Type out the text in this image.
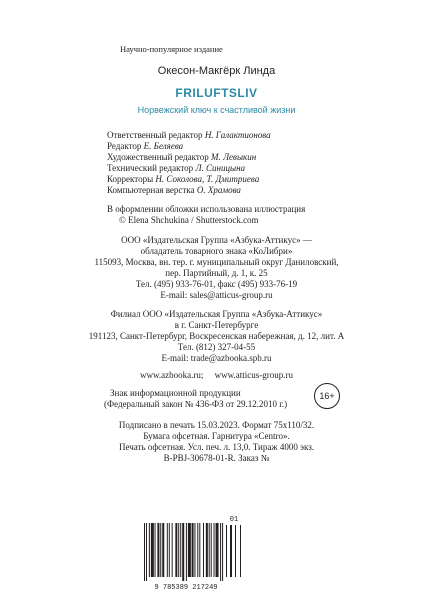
Научно-популярное издание
Окесон-Макгёрк Линда
FRILUFTSLIV
Норвежский ключ к счастливой жизни
Ответственный редактор Н. Галактионова
Редактор Е. Беляева
Художественный редактор М. Левыкин
Технический редактор Л. Синицына
Корректоры Н. Соколова, Т. Дмитриева
Компьютерная верстка О. Храмова
В оформлении обложки использована иллюстрация
© Elena Shchukina / Shutterstock.com
ООО «Издательская Группа «Азбука-Аттикус» —
обладатель товарного знака «КоЛибри»
115093, Москва, вн. тер. г. муниципальный округ Даниловский,
пер. Партийный, д. 1, к. 25
Тел. (495) 933-76-01, факс (495) 933-76-19
E-mail: sales@atticus-group.ru
Филиал ООО «Издательская Группа «Азбука-Аттикус»
в г. Санкт-Петербурге
191123, Санкт-Петербург, Воскресенская набережная, д. 12, лит. А
Тел. (812) 327-04-55
E-mail: trade@azbooka.spb.ru
www.azbooka.ru;     www.atticus-group.ru
Знак информационной продукции
(Федеральный закон № 436-ФЗ от 29.12.2010 г.)
16+
Подписано в печать 15.03.2023. Формат 75х110/32.
Бумага офсетная. Гарнитура «Centro».
Печать офсетная. Усл. печ. л. 13,0. Тираж 4000 экз.
B-PBJ-30678-01-R. Заказ №
01
9 785389 217249
